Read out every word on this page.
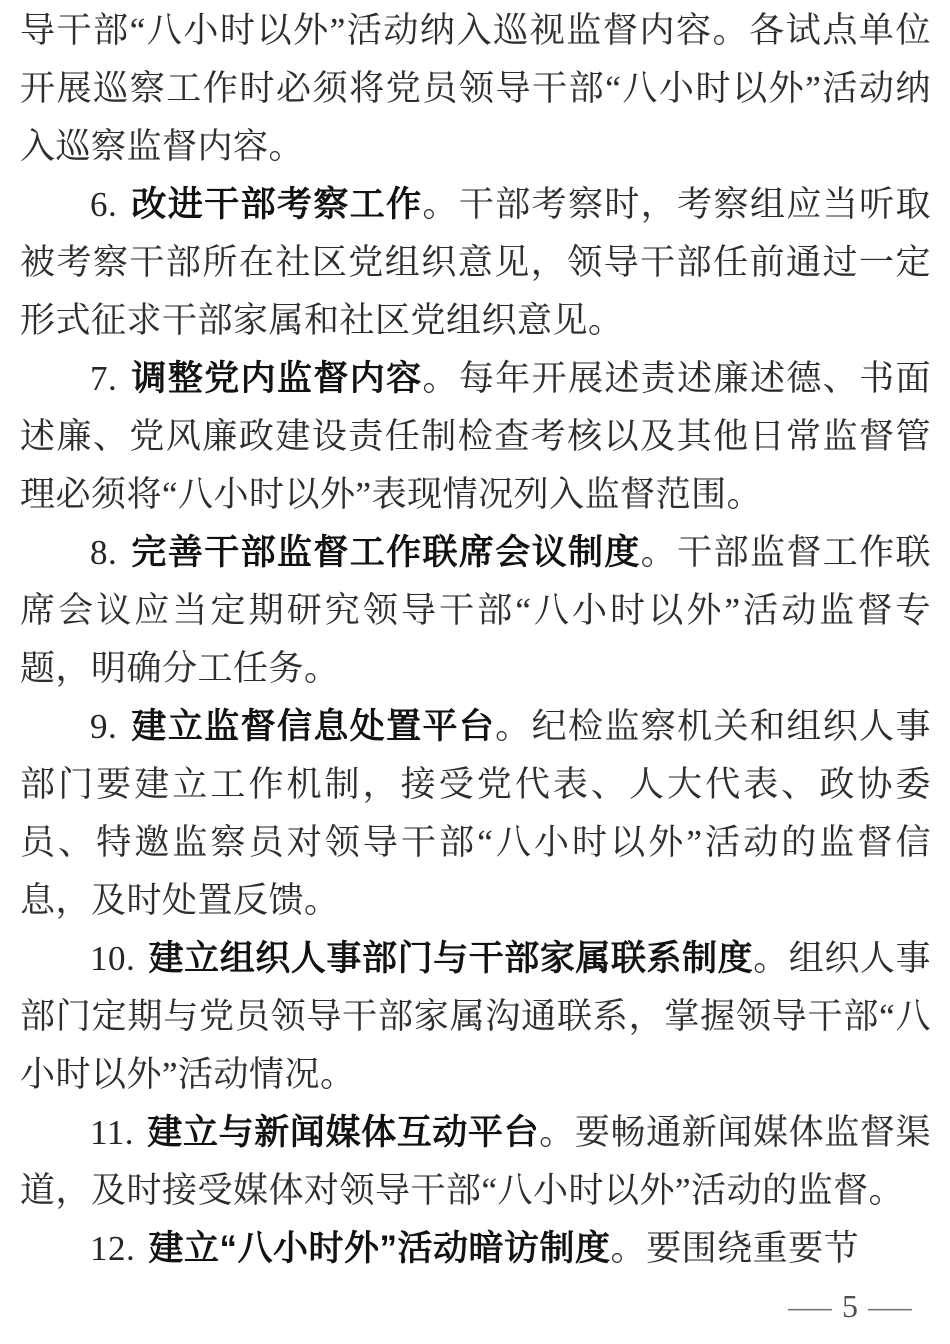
导干部“八小时以外”活动纳入巡视监督内容。各试点单位开展巡察工作时必须将党员领导干部“八小时以外”活动纳入巡察监督内容。

6. 改进干部考察工作。干部考察时，考察组应当听取被考察干部所在社区党组织意见，领导干部任前通过一定形式征求干部家属和社区党组织意见。

7. 调整党内监督内容。每年开展述责述廉述德、书面述廉、党风廉政建设责任制检查考核以及其他日常监督管理必须将“八小时以外”表现情况列入监督范围。

8. 完善干部监督工作联席会议制度。干部监督工作联席会议应当定期研究领导干部“八小时以外”活动监督专题，明确分工任务。

9. 建立监督信息处置平台。纪检监察机关和组织人事部门要建立工作机制，接受党代表、人大代表、政协委员、特邀监察员对领导干部“八小时以外”活动的监督信息，及时处置反馈。

10. 建立组织人事部门与干部家属联系制度。组织人事部门定期与党员领导干部家属沟通联系，掌握领导干部“八小时以外”活动情况。

11. 建立与新闻媒体互动平台。要畅通新闻媒体监督渠道，及时接受媒体对领导干部“八小时以外”活动的监督。

12. 建立“八小时外”活动暗访制度。要围绕重要节

— 5 —
